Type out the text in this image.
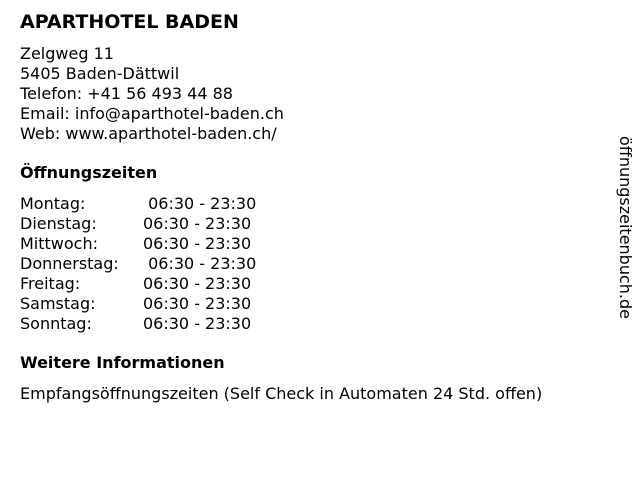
APARTHOTEL BADEN
Zelgweg 11
5405 Baden-Dättwil
Telefon: +41 56 493 44 88
Email: info@aparthotel-baden.ch
Web: www.aparthotel-baden.ch/
Öffnungszeiten
Montag:	06:30 - 23:30
Dienstag:	06:30 - 23:30
Mittwoch:	06:30 - 23:30
Donnerstag:	06:30 - 23:30
Freitag:	06:30 - 23:30
Samstag:	06:30 - 23:30
Sonntag:	06:30 - 23:30
Weitere Informationen
Empfangsöffnungszeiten (Self Check in Automaten 24 Std. offen)
öffnungszeitenbuch.de
